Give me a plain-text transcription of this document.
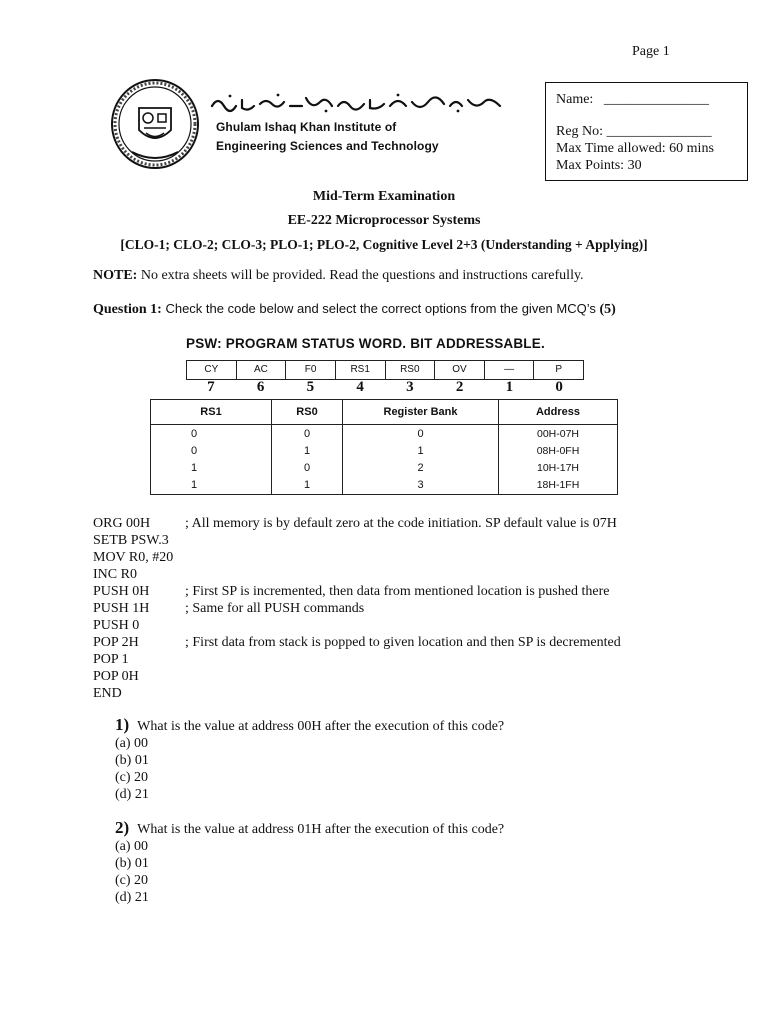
Page 1
Ghulam Ishaq Khan Institute of
Engineering Sciences and Technology
Name: _______________
Reg No: _______________
Max Time allowed: 60 mins
Max Points: 30
Mid-Term Examination
EE-222 Microprocessor Systems
[CLO-1; CLO-2; CLO-3; PLO-1; PLO-2, Cognitive Level 2+3 (Understanding + Applying)]
NOTE: No extra sheets will be provided. Read the questions and instructions carefully.
Question 1: Check the code below and select the correct options from the given MCQ’s (5)
PSW: PROGRAM STATUS WORD. BIT ADDRESSABLE.
CY	AC	F0	RS1	RS0	OV	—	P
7	6	5	4	3	2	1	0
RS1	RS0	Register Bank	Address
0	0	0	00H-07H
0	1	1	08H-0FH
1	0	2	10H-17H
1	1	3	18H-1FH
ORG 00H ; All memory is by default zero at the code initiation. SP default value is 07H
SETB PSW.3
MOV R0, #20
INC R0
PUSH 0H	; First SP is incremented, then data from mentioned location is pushed there
PUSH 1H	; Same for all PUSH commands
PUSH 0
POP 2H	; First data from stack is popped to given location and then SP is decremented
POP 1
POP 0H
END
1) What is the value at address 00H after the execution of this code?
(a) 00
(b) 01
(c) 20
(d) 21
2) What is the value at address 01H after the execution of this code?
(a) 00
(b) 01
(c) 20
(d) 21
